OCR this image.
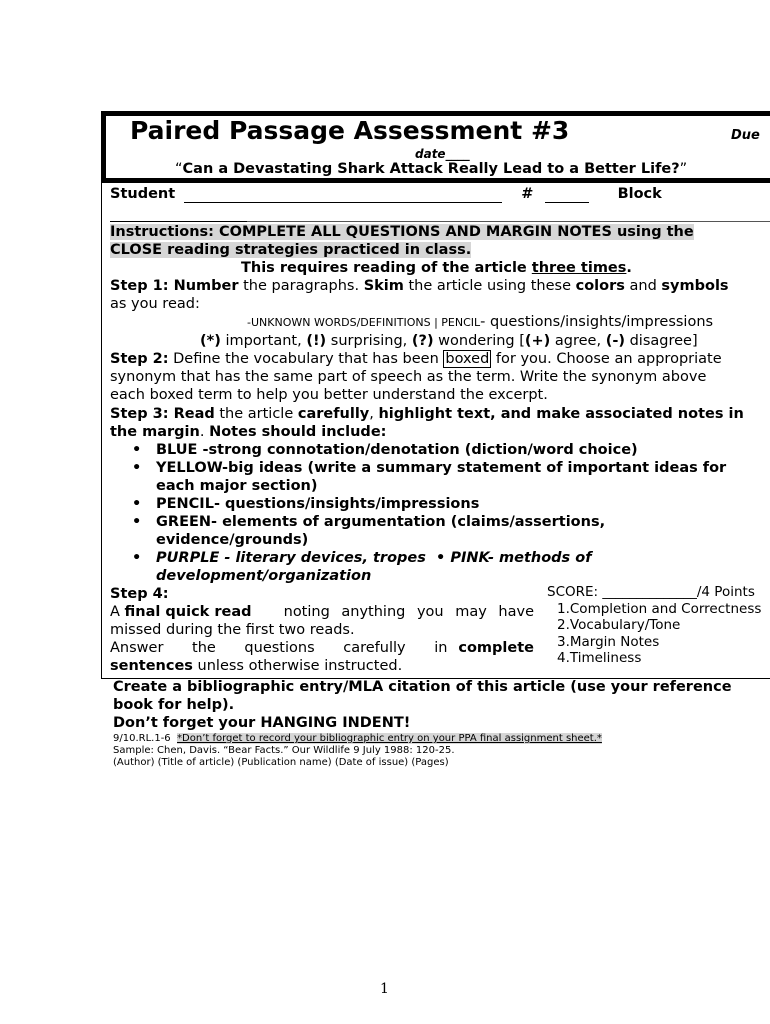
Paired Passage Assessment #3	Due
date____
“Can a Devastating Shark Attack Really Lead to a Better Life?”
Student	#	Block
Instructions: COMPLETE ALL QUESTIONS AND MARGIN NOTES using the
CLOSE reading strategies practiced in class.
This requires reading of the article three times.
Step 1: Number the paragraphs. Skim the article using these colors and symbols
as you read:
-UNKNOWN WORDS/DEFINITIONS | PENCIL- questions/insights/impressions
(*) important, (!) surprising, (?) wondering [(+) agree, (-) disagree]
Step 2: Define the vocabulary that has been boxed for you. Choose an appropriate
synonym that has the same part of speech as the term. Write the synonym above
each boxed term to help you better understand the excerpt.
Step 3: Read the article carefully, highlight text, and make associated notes in
the margin. Notes should include:
• BLUE -strong connotation/denotation (diction/word choice)
• YELLOW-big ideas (write a summary statement of important ideas for
each major section)
• PENCIL- questions/insights/impressions
• GREEN- elements of argumentation (claims/assertions,
evidence/grounds)
• PURPLE - literary devices, tropes • PINK- methods of
development/organization
Step 4:
A final quick read noting anything you may have
missed during the first two reads.
Answer the questions carefully in complete
sentences unless otherwise instructed.
SCORE: ______________/4 Points
1.Completion and Correctness
2.Vocabulary/Tone
3.Margin Notes
4.Timeliness
Create a bibliographic entry/MLA citation of this article (use your reference
book for help).
Don’t forget your HANGING INDENT!
9/10.RL.1-6 *Don’t forget to record your bibliographic entry on your PPA final assignment sheet.*
Sample: Chen, Davis. “Bear Facts.” Our Wildlife 9 July 1988: 120-25.
(Author) (Title of article) (Publication name) (Date of issue) (Pages)
1
